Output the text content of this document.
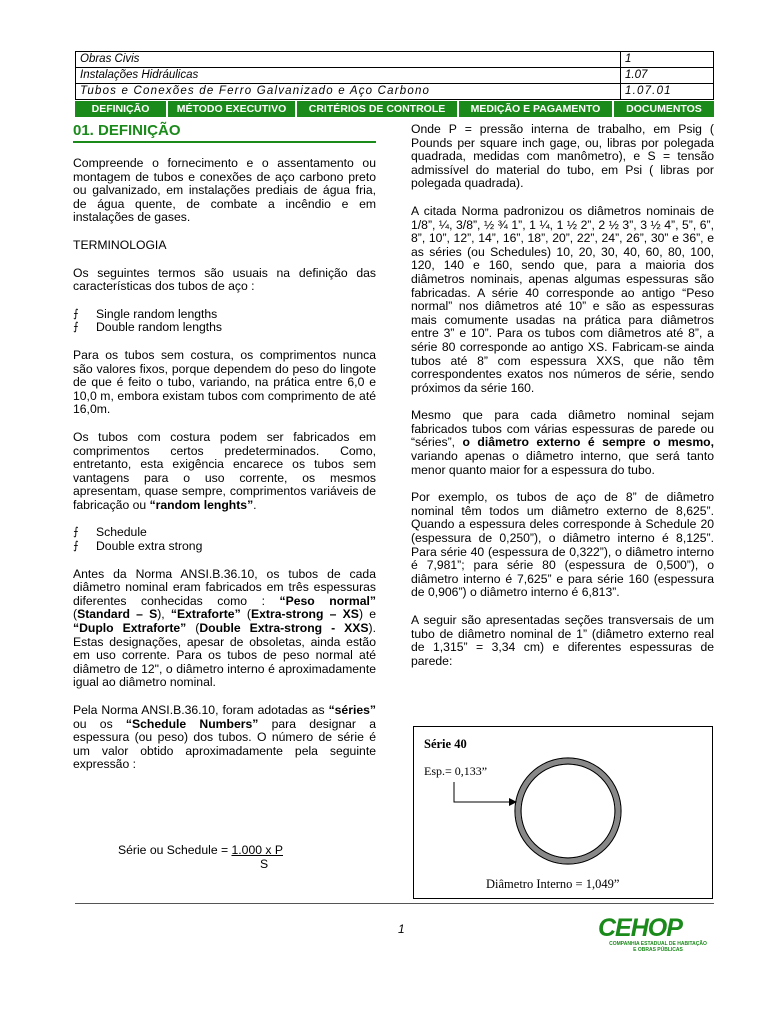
Obras Civis	1
Instalações Hidráulicas	1.07
Tubos e Conexões de Ferro Galvanizado e Aço Carbono	1.07.01
DEFINIÇÃO	MÉTODO EXECUTIVO	CRITÉRIOS DE CONTROLE	MEDIÇÃO E PAGAMENTO	DOCUMENTOS
01. DEFINIÇÃO

Compreende o fornecimento e o assentamento ou montagem de tubos e conexões de aço carbono preto ou galvanizado, em instalações prediais de água fria, de água quente, de combate a incêndio e em instalações de gases.

TERMINOLOGIA

Os seguintes termos são usuais na definição das características dos tubos de aço :

⨍	Single random lengths
⨍	Double random lengths

Para os tubos sem costura, os comprimentos nunca são valores fixos, porque dependem do peso do lingote de que é feito o tubo, variando, na prática entre 6,0 e 10,0 m, embora existam tubos com comprimento de até 16,0m.

Os tubos com costura podem ser fabricados em comprimentos certos predeterminados. Como, entretanto, esta exigência encarece os tubos sem vantagens para o uso corrente, os mesmos apresentam, quase sempre, comprimentos variáveis de fabricação ou “random lenghts”.

⨍	Schedule
⨍	Double extra strong

Antes da Norma ANSI.B.36.10, os tubos de cada diâmetro nominal eram fabricados em três espessuras diferentes conhecidas como : “Peso normal” (Standard – S), “Extraforte” (Extra-strong – XS) e “Duplo Extraforte” (Double Extra-strong - XXS). Estas designações, apesar de obsoletas, ainda estão em uso corrente. Para os tubos de peso normal até diâmetro de 12", o diâmetro interno é aproximadamente igual ao diâmetro nominal.

Pela Norma ANSI.B.36.10, foram adotadas as “séries” ou os “Schedule Numbers” para designar a espessura (ou peso) dos tubos. O número de série é um valor obtido aproximadamente pela seguinte expressão :

Série ou Schedule = 1.000 x P
S

Onde P = pressão interna de trabalho, em Psig ( Pounds per square inch gage, ou, libras por polegada quadrada, medidas com manômetro), e S = tensão admissível do material do tubo, em Psi ( libras por polegada quadrada).

A citada Norma padronizou os diâmetros nominais de 1/8”, ¼, 3/8”, ½ ¾ 1”, 1 ¼, 1 ½ 2”, 2 ½ 3”, 3 ½ 4”, 5”, 6”, 8”, 10”, 12”, 14”, 16”, 18”, 20”, 22”, 24”, 26”, 30” e 36”, e as séries (ou Schedules) 10, 20, 30, 40, 60, 80, 100, 120, 140 e 160, sendo que, para a maioria dos diâmetros nominais, apenas algumas espessuras são fabricadas. A série 40 corresponde ao antigo “Peso normal” nos diâmetros até 10” e são as espessuras mais comumente usadas na prática para diâmetros entre 3” e 10”. Para os tubos com diâmetros até 8”, a série 80 corresponde ao antigo XS. Fabricam-se ainda tubos até 8” com espessura XXS, que não têm correspondentes exatos nos números de série, sendo próximos da série 160.

Mesmo que para cada diâmetro nominal sejam fabricados tubos com várias espessuras de parede ou “séries”, o diâmetro externo é sempre o mesmo, variando apenas o diâmetro interno, que será tanto menor quanto maior for a espessura do tubo.

Por exemplo, os tubos de aço de 8” de diâmetro nominal têm todos um diâmetro externo de 8,625”. Quando a espessura deles corresponde à Schedule 20 (espessura de 0,250”), o diâmetro interno é 8,125”. Para série 40 (espessura de 0,322”), o diâmetro interno é 7,981”; para série 80 (espessura de 0,500”), o diâmetro interno é 7,625” e para série 160 (espessura de 0,906”) o diâmetro interno é 6,813”.

A seguir são apresentadas seções transversais de um tubo de diâmetro nominal de 1” (diâmetro externo real de 1,315” = 3,34 cm) e diferentes espessuras de parede:

Série 40
Esp.= 0,133”
Diâmetro Interno = 1,049”
1	CEHOP
COMPANHIA ESTADUAL DE HABITAÇÃO
E OBRAS PÚBLICAS
